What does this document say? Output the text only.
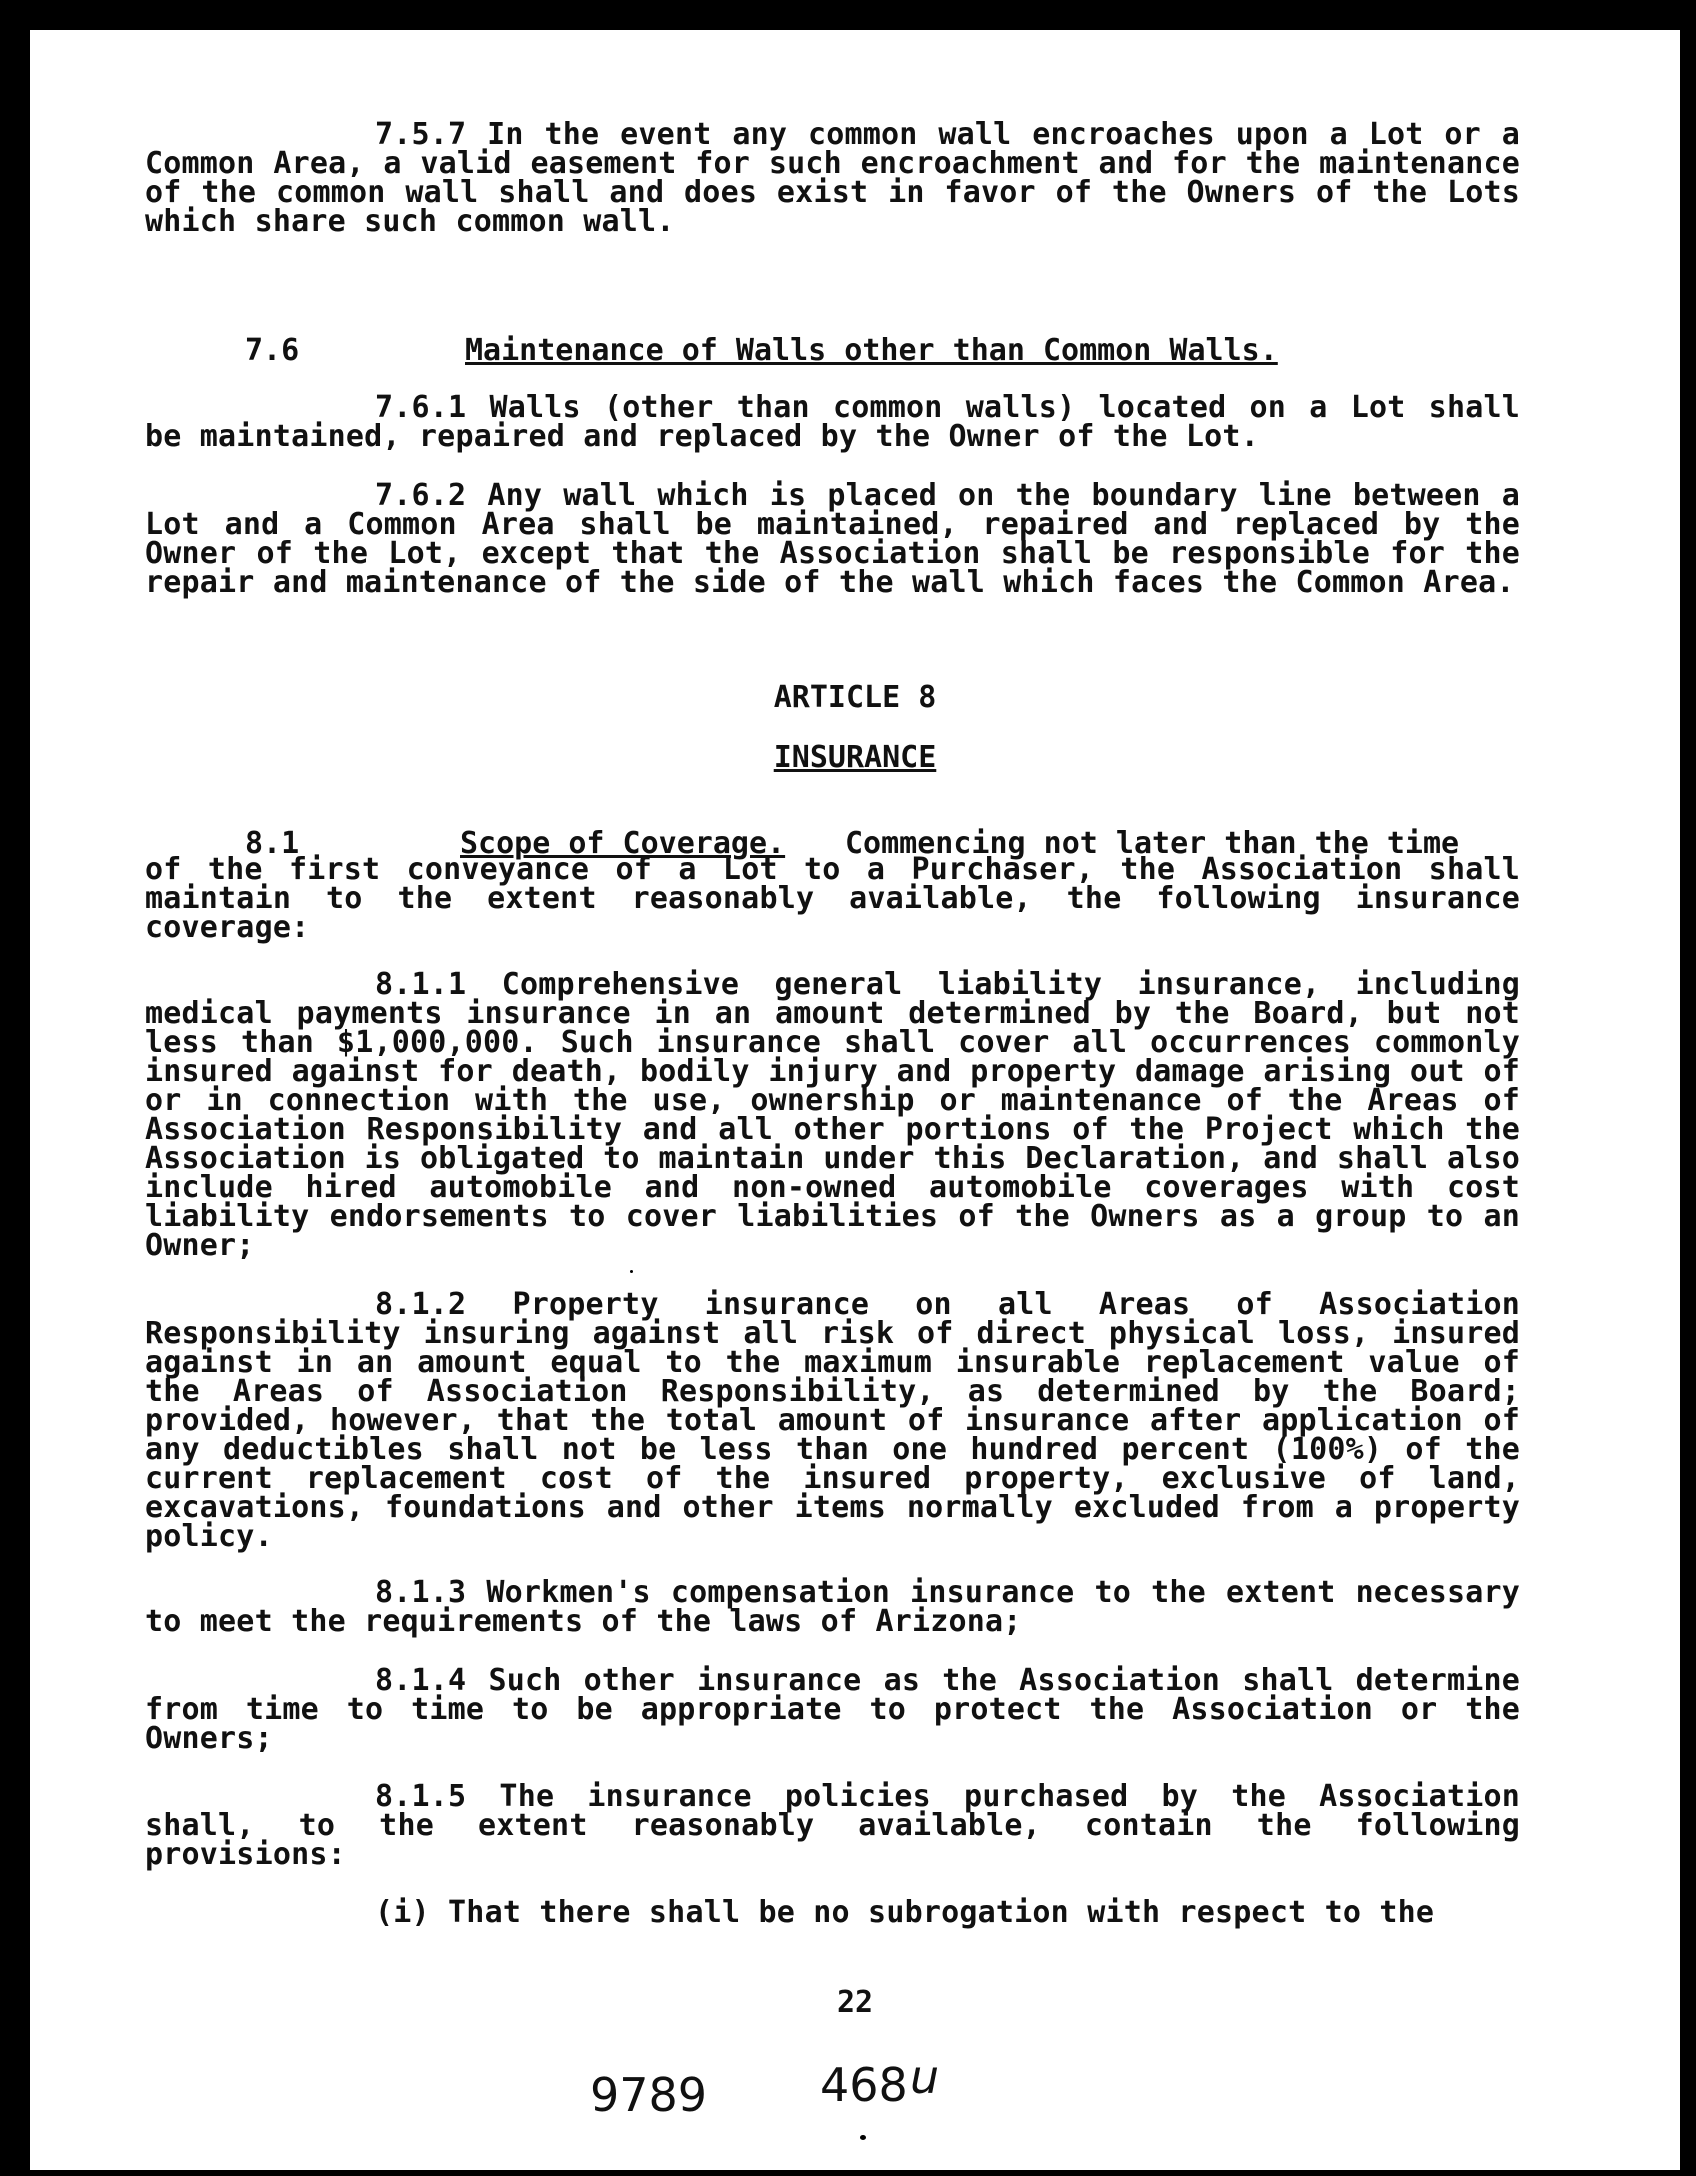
7.5.7 In the event any common wall encroaches upon a Lot or a Common Area, a valid easement for such encroachment and for the maintenance of the common wall shall and does exist in favor of the Owners of the Lots which share such common wall.
7.6	Maintenance of Walls other than Common Walls.
7.6.1 Walls (other than common walls) located on a Lot shall be maintained, repaired and replaced by the Owner of the Lot.
7.6.2 Any wall which is placed on the boundary line between a Lot and a Common Area shall be maintained, repaired and replaced by the Owner of the Lot, except that the Association shall be responsible for the repair and maintenance of the side of the wall which faces the Common Area.
ARTICLE 8
INSURANCE
8.1	Scope of Coverage. Commencing not later than the time
of the first conveyance of a Lot to a Purchaser, the Association shall maintain to the extent reasonably available, the following insurance coverage:
8.1.1 Comprehensive general liability insurance, including medical payments insurance in an amount determined by the Board, but not less than $1,000,000. Such insurance shall cover all occurrences commonly insured against for death, bodily injury and property damage arising out of or in connection with the use, ownership or maintenance of the Areas of Association Responsibility and all other portions of the Project which the Association is obligated to maintain under this Declaration, and shall also include hired automobile and non-owned automobile coverages with cost liability endorsements to cover liabilities of the Owners as a group to an Owner;
8.1.2 Property insurance on all Areas of Association Responsibility insuring against all risk of direct physical loss, insured against in an amount equal to the maximum insurable replacement value of the Areas of Association Responsibility, as determined by the Board; provided, however, that the total amount of insurance after application of any deductibles shall not be less than one hundred percent (100%) of the current replacement cost of the insured property, exclusive of land, excavations, foundations and other items normally excluded from a property policy.
8.1.3 Workmen's compensation insurance to the extent necessary to meet the requirements of the laws of Arizona;
8.1.4 Such other insurance as the Association shall determine from time to time to be appropriate to protect the Association or the Owners;
8.1.5 The insurance policies purchased by the Association shall, to the extent reasonably available, contain the following provisions:
(i) That there shall be no subrogation with respect to the
22
9789 468 u
